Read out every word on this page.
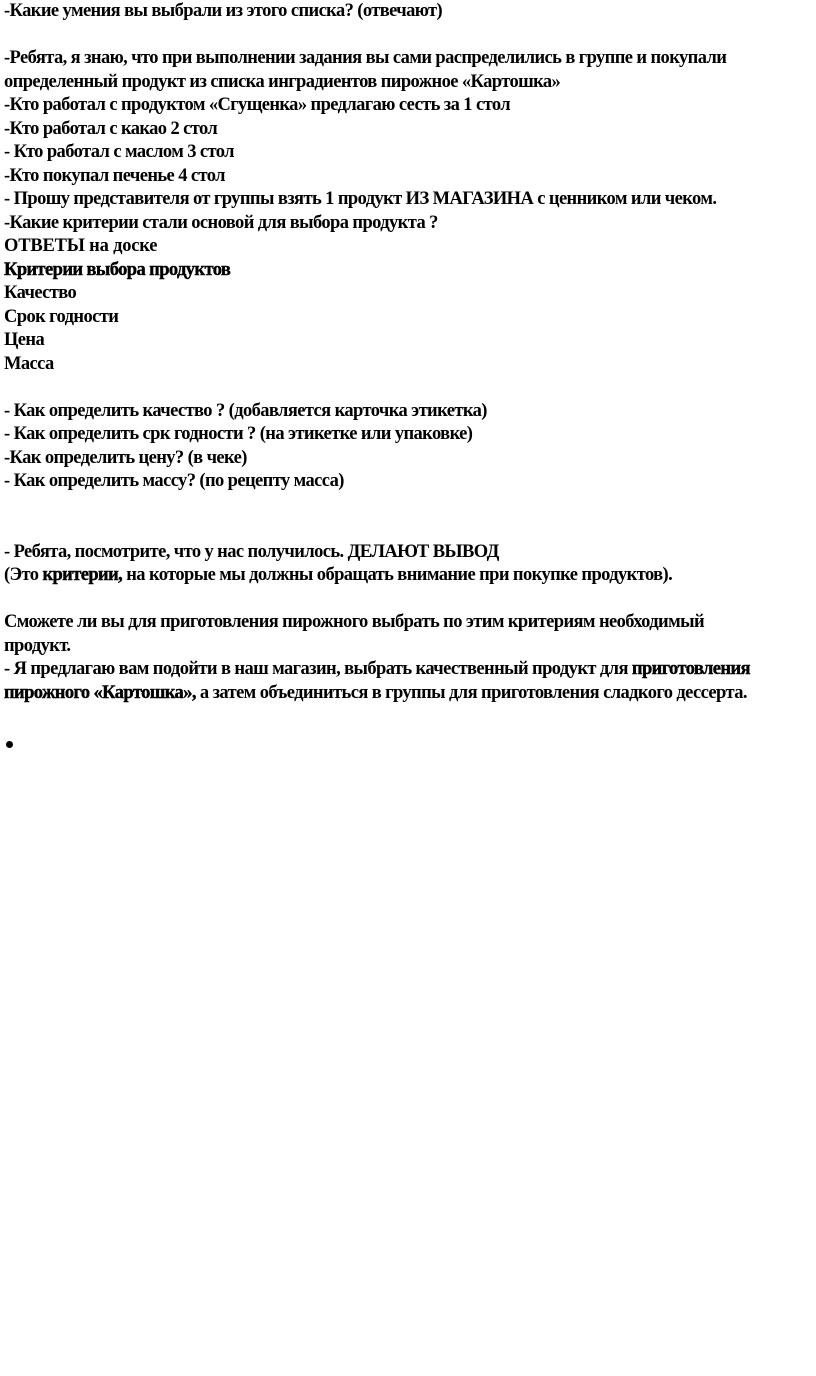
-Какие умения вы выбрали из этого списка? (отвечают)
-Ребята, я знаю, что при выполнении задания вы сами распределились в группе и покупали определенный продукт из списка инградиентов пирожное «Картошка»
-Кто работал с продуктом «Сгущенка» предлагаю сесть за 1 стол
-Кто работал с какао 2 стол
- Кто работал с маслом 3 стол
-Кто покупал печенье 4 стол
- Прошу представителя от группы взять 1 продукт ИЗ МАГАЗИНА с ценником или чеком.
-Какие критерии стали основой для выбора продукта ?
ОТВЕТЫ на доске
Критерии выбора продуктов
Качество
Срок годности
Цена
Масса
- Как определить качество ? (добавляется карточка этикетка)
- Как определить срк годности ? (на этикетке или упаковке)
-Как определить цену? (в чеке)
- Как определить массу? (по рецепту масса)
- Ребята, посмотрите, что у нас получилось. ДЕЛАЮТ ВЫВОД
(Это критерии, на которые мы должны обращать внимание при покупке продуктов).
Сможете ли вы для приготовления пирожного выбрать по этим критериям необходимый продукт.
- Я предлагаю вам подойти в наш магазин, выбрать качественный продукт для приготовления пирожного «Картошка», а затем объединиться в группы для приготовления сладкого дессерта.
